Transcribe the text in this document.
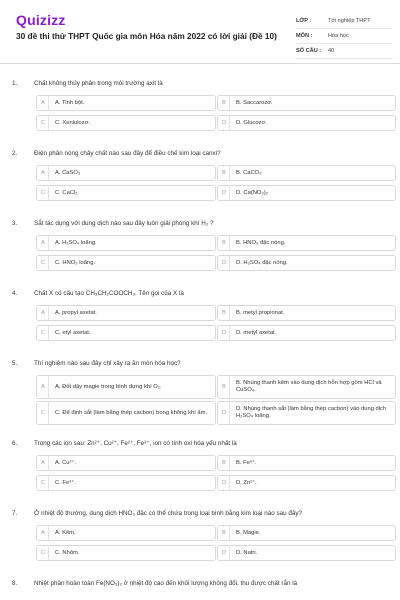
Quizizz
30 đề thi thử THPT Quốc gia môn Hóa năm 2022 có lời giải (Đề 10)
LỚP :	Tốt nghiệp THPT
MÔN :	Hóa học
SỐ CÂU :	40
1.	Chất không thủy phân trong môi trường axit là
A	A. Tinh bột.	B	B. Saccarozơ.
C	C. Xenlulozơ.	D	D. Glucozơ.
2.	Điện phân nóng chảy chất nào sau đây để điều chế kim loại canxi?
A	A. CaSO₃	B	B. CaCO₃
C	C. CaCl₂	D	D. Ca(NO₃)₂
3.	Sắt tác dụng với dung dịch nào sau đây luôn giải phóng khí H₂ ?
A	A. H₂SO₄ loãng.	B	B. HNO₃ đặc nóng.
C	C. HNO₃ loãng.	D	D. H₂SO₄ đặc nóng.
4.	Chất X có cấu tạo CH₃CH₂COOCH₃. Tên gọi của X là
A	A. propyl axetat.	B	B. metyl propionat.
C	C. etyl axetat.	D	D. metyl axetat.
5.	Thí nghiệm nào sau đây chỉ xảy ra ăn mòn hóa học?
A	A. Đốt dây magie trong bình đựng khí O₂.	B
B. Nhúng thanh kẽm vào dung dịch hỗn hợp gồm HCl và CuSO₄.
C	C. Để đinh sắt (làm bằng thép cacbon) trong không khí ẩm.	D
D. Nhúng thanh sắt (làm bằng thép cacbon) vào dung dịch H₂SO₄ loãng.
6.	Trong các ion sau: Zn²⁺, Cu²⁺, Fe²⁺, Fe³⁺, ion có tính oxi hóa yếu nhất là
A	A. Cu²⁺.	B	B. Fe³⁺.
C	C. Fe³⁺.	D	D. Zn²⁺.
7.	Ở nhiệt độ thường, dung dịch HNO₃ đặc có thể chứa trong loại bình bằng kim loại nào sau đây?
A	A. Kẽm.	B	B. Magie.
C	C. Nhôm.	D	D. Natri.
8.	Nhiệt phân hoàn toàn Fe(NO₃)₂ ở nhiệt độ cao đến khối lượng không đổi, thu được chất rắn là
